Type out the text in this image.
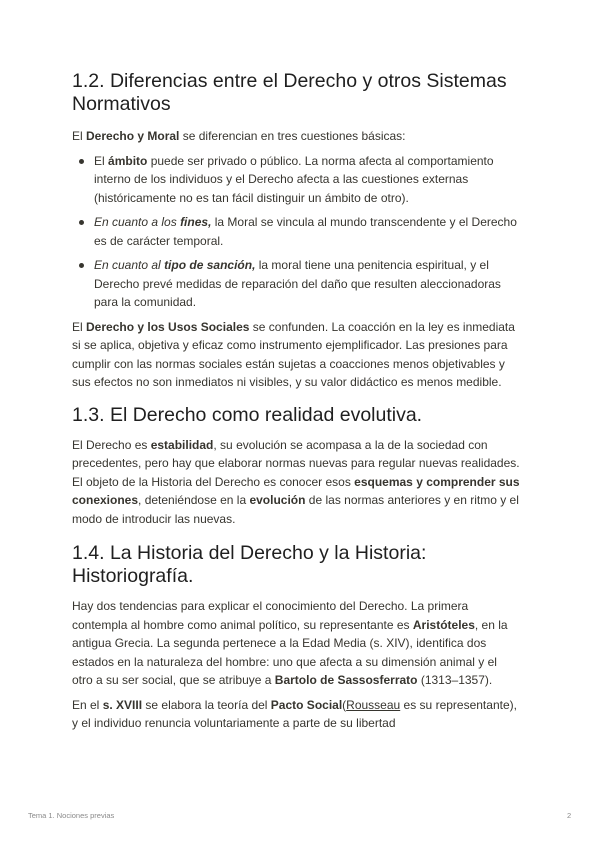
1.2. Diferencias entre el Derecho y otros Sistemas Normativos

El Derecho y Moral se diferencian en tres cuestiones básicas:

El ámbito puede ser privado o público. La norma afecta al comportamiento interno de los individuos y el Derecho afecta a las cuestiones externas (históricamente no es tan fácil distinguir un ámbito de otro).
En cuanto a los fines, la Moral se vincula al mundo transcendente y el Derecho es de carácter temporal.
En cuanto al tipo de sanción, la moral tiene una penitencia espiritual, y el Derecho prevé medidas de reparación del daño que resulten aleccionadoras para la comunidad.

El Derecho y los Usos Sociales se confunden. La coacción en la ley es inmediata si se aplica, objetiva y eficaz como instrumento ejemplificador. Las presiones para cumplir con las normas sociales están sujetas a coacciones menos objetivables y sus efectos no son inmediatos ni visibles, y su valor didáctico es menos medible.

1.3. El Derecho como realidad evolutiva.

El Derecho es estabilidad, su evolución se acompasa a la de la sociedad con precedentes, pero hay que elaborar normas nuevas para regular nuevas realidades. El objeto de la Historia del Derecho es conocer esos esquemas y comprender sus conexiones, deteniéndose en la evolución de las normas anteriores y en ritmo y el modo de introducir las nuevas.

1.4. La Historia del Derecho y la Historia: Historiografía.

Hay dos tendencias para explicar el conocimiento del Derecho. La primera contempla al hombre como animal político, su representante es Aristóteles, en la antigua Grecia. La segunda pertenece a la Edad Media (s. XIV), identifica dos estados en la naturaleza del hombre: uno que afecta a su dimensión animal y el otro a su ser social, que se atribuye a Bartolo de Sassosferrato (1313–1357).

En el s. XVIII se elabora la teoría del Pacto Social(Rousseau es su representante), y el individuo renuncia voluntariamente a parte de su libertad

Tema 1. Nociones previas	2
